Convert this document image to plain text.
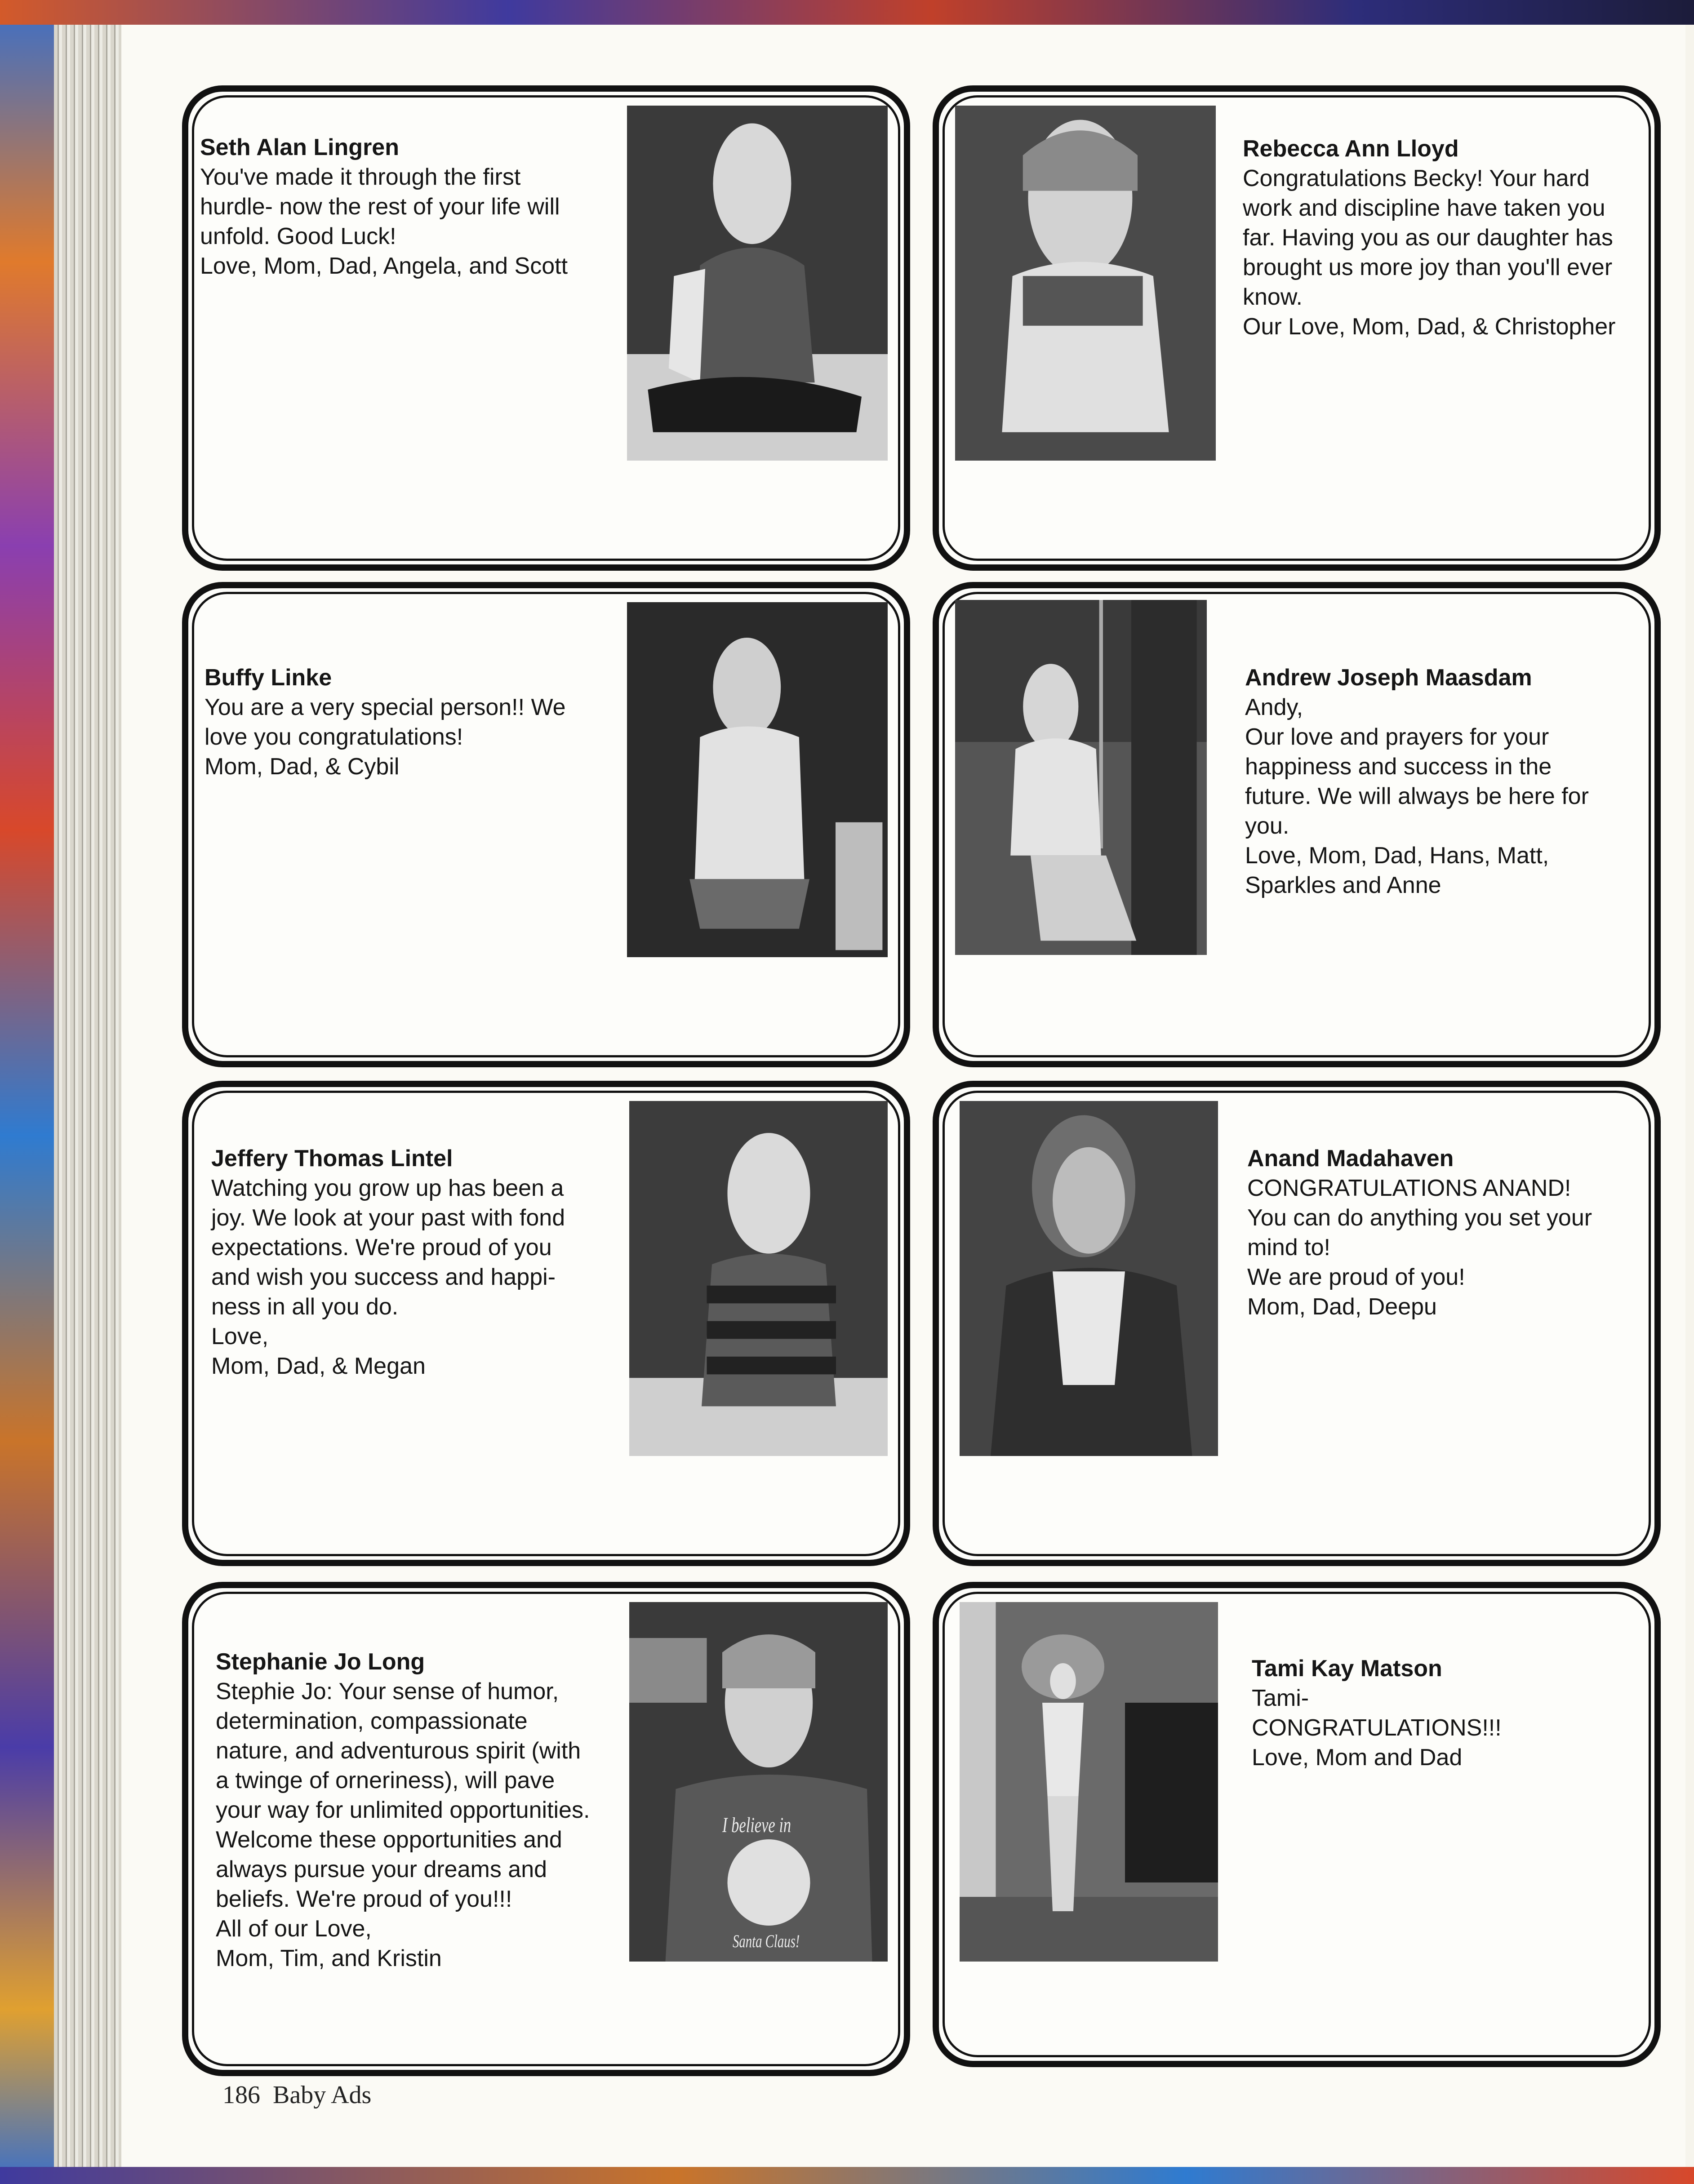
Seth Alan Lingren
You've made it through the first
hurdle- now the rest of your life will
unfold. Good Luck!
Love, Mom, Dad, Angela, and Scott
Rebecca Ann Lloyd
Congratulations Becky! Your hard
work and discipline have taken you
far. Having you as our daughter has
brought us more joy than you'll ever
know.
Our Love, Mom, Dad, & Christopher
Buffy Linke
You are a very special person!! We
love you congratulations!
Mom, Dad, & Cybil
Andrew Joseph Maasdam
Andy,
Our love and prayers for your
happiness and success in the
future. We will always be here for
you.
Love, Mom, Dad, Hans, Matt,
Sparkles and Anne
Jeffery Thomas Lintel
Watching you grow up has been a
joy. We look at your past with fond
expectations. We're proud of you
and wish you success and happi-
ness in all you do.
Love,
Mom, Dad, & Megan
Anand Madahaven
CONGRATULATIONS ANAND!
You can do anything you set your
mind to!
We are proud of you!
Mom, Dad, Deepu
I believe in
Santa Claus!
Stephanie Jo Long
Stephie Jo: Your sense of humor,
determination, compassionate
nature, and adventurous spirit (with
a twinge of orneriness), will pave
your way for unlimited opportunities.
Welcome these opportunities and
always pursue your dreams and
beliefs. We're proud of you!!!
All of our Love,
Mom, Tim, and Kristin
Tami Kay Matson
Tami-
CONGRATULATIONS!!!
Love, Mom and Dad
186 Baby Ads
